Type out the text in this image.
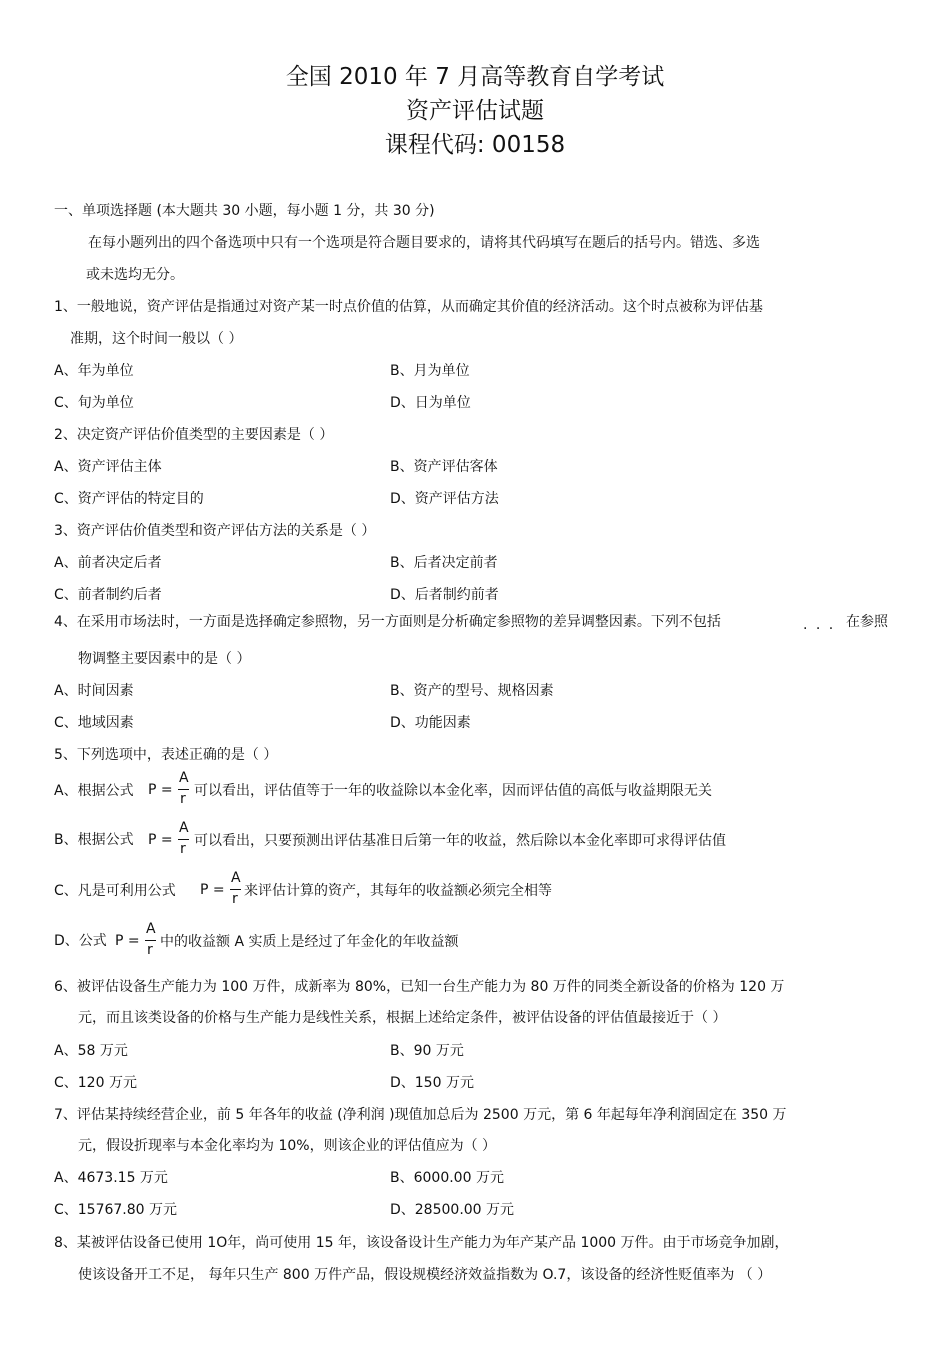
全国 2010 年 7 月高等教育自学考试
资产评估试题
课程代码: 00158
一、单项选择题 (本大题共 30 小题，每小题 1 分，共 30 分)
在每小题列出的四个备选项中只有一个选项是符合题目要求的，请将其代码填写在题后的括号内。错选、多选
或未选均无分。
1、一般地说，资产评估是指通过对资产某一时点价值的估算，从而确定其价值的经济活动。这个时点被称为评估基
准期，这个时间一般以（ ）
A、年为单位	B、月为单位
C、旬为单位	D、日为单位
2、决定资产评估价值类型的主要因素是（ ）
A、资产评估主体	B、资产评估客体
C、资产评估的特定目的	D、资产评估方法
3、资产评估价值类型和资产评估方法的关系是（ ）
A、前者决定后者	B、后者决定前者
C、前者制约后者	D、后者制约前者
4、在采用市场法时，一方面是选择确定参照物，另一方面则是分析确定参照物的差异调整因素。下列不包括	. . . 在参照
物调整主要因素中的是（ ）
A、时间因素	B、资产的型号、规格因素
C、地域因素	D、功能因素
5、下列选项中，表述正确的是（ ）
A、根据公式 P =
A
r 可以看出，评估值等于一年的收益除以本金化率，因而评估值的高低与收益期限无关
B、根据公式 P =
A
r 可以看出，只要预测出评估基准日后第一年的收益，然后除以本金化率即可求得评估值
C、凡是可利用公式 P =
A
r 来评估计算的资产，其每年的收益额必须完全相等
D、公式 P =
A
r 中的收益额 A 实质上是经过了年金化的年收益额
6、被评估设备生产能力为 100 万件，成新率为 80%，已知一台生产能力为 80 万件的同类全新设备的价格为 120 万
元，而且该类设备的价格与生产能力是线性关系，根据上述给定条件，被评估设备的评估值最接近于（ ）
A、58 万元	B、90 万元
C、120 万元	D、150 万元
7、评估某持续经营企业，前 5 年各年的收益 (净利润 )现值加总后为 2500 万元，第 6 年起每年净利润固定在 350 万
元，假设折现率与本金化率均为 10%，则该企业的评估值应为（ ）
A、4673.15 万元	B、6000.00 万元
C、15767.80 万元	D、28500.00 万元
8、某被评估设备已使用 1O年，尚可使用 15 年，该设备设计生产能力为年产某产品 1000 万件。由于市场竞争加剧，
使该设备开工不足， 每年只生产 800 万件产品，假设规模经济效益指数为 O.7，该设备的经济性贬值率为 （ ）
